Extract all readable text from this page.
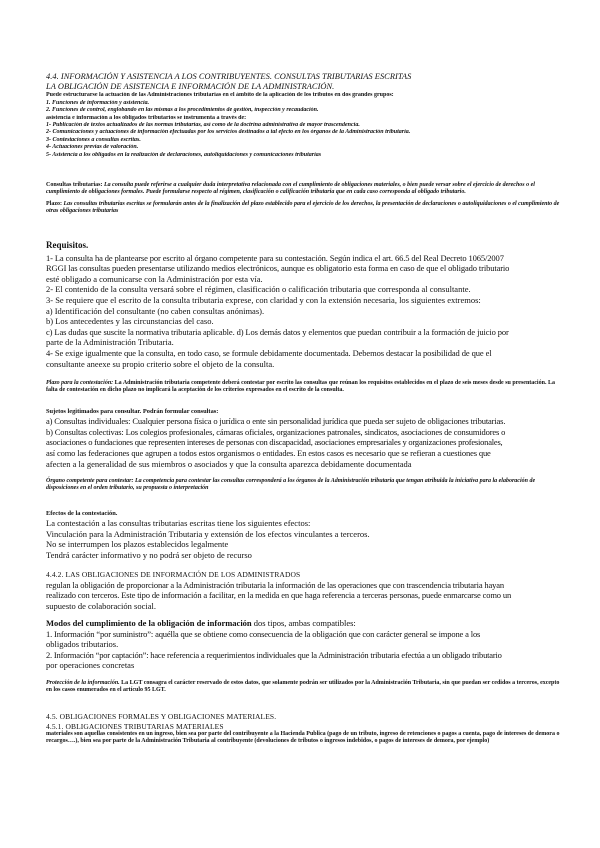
4.4. INFORMACIÓN Y ASISTENCIA A LOS CONTRIBUYENTES. CONSULTAS TRIBUTARIAS ESCRITAS
LA OBLIGACIÓN DE ASISTENCIA E INFORMACIÓN DE LA ADMINISTRACIÓN.
Puede estructurarse la actuación de las Administraciones tributarias en el ámbito de la aplicación de los tributos en dos grandes grupos:
1. Funciones de información y asistencia.
2. Funciones de control, englobando en las mismas a los procedimientos de gestión, inspección y recaudación.
asistencia e información a los obligados tributarios se instrumenta a través de:
1- Publicación de textos actualizados de las normas tributarias, así como de la doctrina administrativa de mayor trascendencia.
2- Comunicaciones y actuaciones de información efectuadas por los servicios destinados a tal efecto en los órganos de la Administración tributaria.
3- Contestaciones a consultas escritas.
4- Actuaciones previas de valoración.
5- Asistencia a los obligados en la realización de declaraciones, autoliquidaciones y comunicaciones tributarias

Consultas tributarias: La consulta puede referirse a cualquier duda interpretativa relacionada con el cumplimiento de obligaciones materiales, o bien puede versar sobre el ejercicio de derechos o el cumplimiento de obligaciones formales. Puede formularse respecto al régimen, clasificación o calificación tributaria que en cada caso corresponda al obligado tributario.

Plazo: Las consultas tributarias escritas se formularán antes de la finalización del plazo establecido para el ejercicio de los derechos, la presentación de declaraciones o autoliquidaciones o el cumplimiento de otras obligaciones tributarias

Requisitos.
1- La consulta ha de plantearse por escrito al órgano competente para su contestación. Según indica el art. 66.5 del Real Decreto 1065/2007
RGGI las consultas pueden presentarse utilizando medios electrónicos, aunque es obligatorio esta forma en caso de que el obligado tributario
esté obligado a comunicarse con la Administración por esta vía.
2- El contenido de la consulta versará sobre el régimen, clasificación o calificación tributaria que corresponda al consultante.
3- Se requiere que el escrito de la consulta tributaria exprese, con claridad y con la extensión necesaria, los siguientes extremos:
a) Identificación del consultante (no caben consultas anónimas).
b) Los antecedentes y las circunstancias del caso.
c) Las dudas que suscite la normativa tributaria aplicable. d) Los demás datos y elementos que puedan contribuir a la formación de juicio por
parte de la Administración Tributaria.
4- Se exige igualmente que la consulta, en todo caso, se formule debidamente documentada. Debemos destacar la posibilidad de que el
consultante aneexe su propio criterio sobre el objeto de la consulta.

Plazo para la contestación: La Administración tributaria competente deberá contestar por escrito las consultas que reúnan los requisitos establecidos en el plazo de seis meses desde su presentación. La falta de contestación en dicho plazo no implicará la aceptación de los criterios expresados en el escrito de la consulta.

Sujetos legitimados para consultar. Podrán formular consultas:
a) Consultas individuales: Cualquier persona física o jurídica o ente sin personalidad jurídica que pueda ser sujeto de obligaciones tributarias.
b) Consultas colectivas: Los colegios profesionales, cámaras oficiales, organizaciones patronales, sindicatos, asociaciones de consumidores o
asociaciones o fundaciones que representen intereses de personas con discapacidad, asociaciones empresariales y organizaciones profesionales,
así como las federaciones que agrupen a todos estos organismos o entidades. En estos casos es necesario que se refieran a cuestiones que
afecten a la generalidad de sus miembros o asociados y que la consulta aparezca debidamente documentada

Órgano competente para contestar: La competencia para contestar las consultas corresponderá a los órganos de la Administración tributaria que tengan atribuida la iniciativa para la elaboración de disposiciones en el orden tributario, su propuesta o interpretación

Efectos de la contestación.
La contestación a las consultas tributarias escritas tiene los siguientes efectos:
Vinculación para la Administración Tributaria y extensión de los efectos vinculantes a terceros.
No se interrumpen los plazos establecidos legalmente
Tendrá carácter informativo y no podrá ser objeto de recurso
4.4.2. LAS OBLIGACIONES DE INFORMACIÓN DE LOS ADMINISTRADOS
regulan la obligación de proporcionar a la Administración tributaria la información de las operaciones que con trascendencia tributaria hayan
realizado con terceros. Este tipo de información a facilitar, en la medida en que haga referencia a terceras personas, puede enmarcarse como un
supuesto de colaboración social.
Modos del cumplimiento de la obligación de información dos tipos, ambas compatibles:
1. Información “por suministro”: aquélla que se obtiene como consecuencia de la obligación que con carácter general se impone a los
obligados tributarios.
2. Información “por captación”: hace referencia a requerimientos individuales que la Administración tributaria efectúa a un obligado tributario
por operaciones concretas

Protección de la información. La LGT consagra el carácter reservado de estos datos, que solamente podrán ser utilizados por la Administración Tributaria, sin que puedan ser cedidos a terceros, excepto en los casos enumerados en el artículo 95 LGT.

4.5. OBLIGACIONES FORMALES Y OBLIGACIONES MATERIALES.
4.5.1. OBLIGACIONES TRIBUTARIAS MATERIALES

materiales son aquellas consistentes en un ingreso, bien sea por parte del contribuyente a la Hacienda Publica (pago de un tributo, ingreso de retenciones o pagos a cuenta, pago de intereses de demora o recargos….), bien sea por parte de la Administración Tributaria al contribuyente (devoluciones de tributos o ingresos indebidos, o pagos de intereses de demora, por ejemplo)
